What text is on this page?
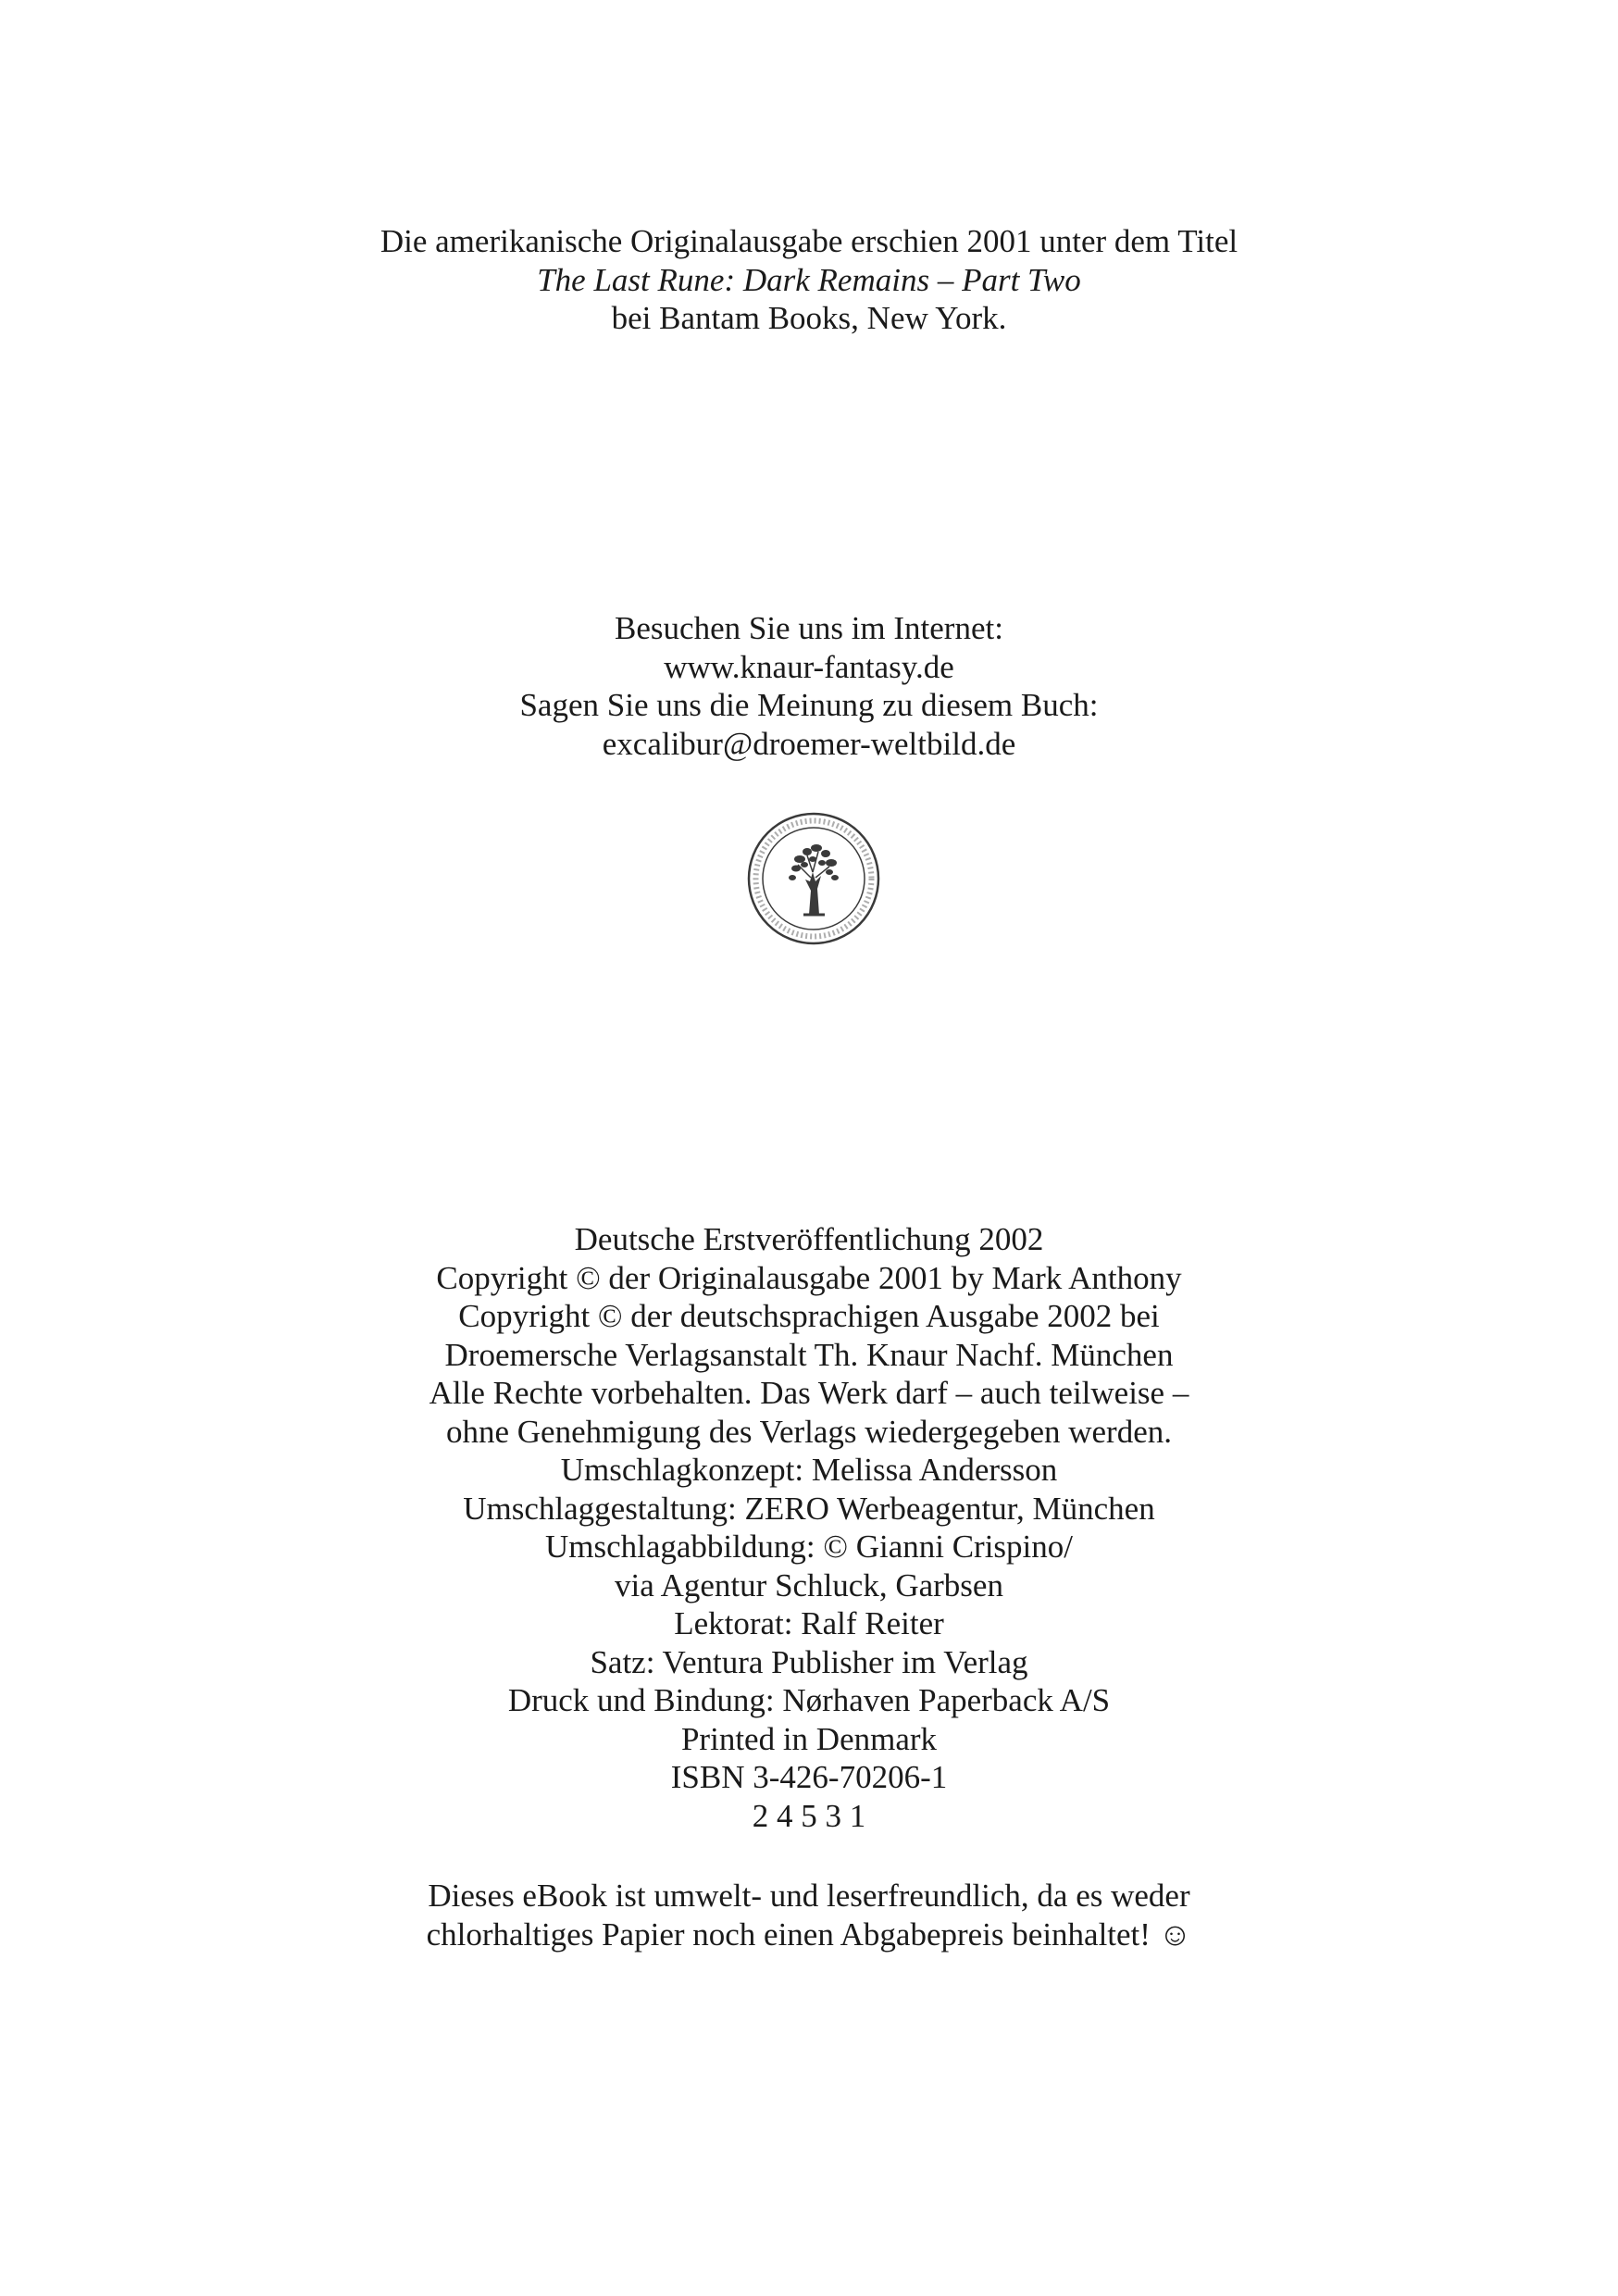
Die amerikanische Originalausgabe erschien 2001 unter dem Titel
The Last Rune: Dark Remains – Part Two
bei Bantam Books, New York.
Besuchen Sie uns im Internet:
www.knaur-fantasy.de
Sagen Sie uns die Meinung zu diesem Buch:
excalibur@droemer-weltbild.de
Deutsche Erstveröffentlichung 2002
Copyright © der Originalausgabe 2001 by Mark Anthony
Copyright © der deutschsprachigen Ausgabe 2002 bei
Droemersche Verlagsanstalt Th. Knaur Nachf. München
Alle Rechte vorbehalten. Das Werk darf – auch teilweise –
ohne Genehmigung des Verlags wiedergegeben werden.
Umschlagkonzept: Melissa Andersson
Umschlaggestaltung: ZERO Werbeagentur, München
Umschlagabbildung: © Gianni Crispino/
via Agentur Schluck, Garbsen
Lektorat: Ralf Reiter
Satz: Ventura Publisher im Verlag
Druck und Bindung: Nørhaven Paperback A/S
Printed in Denmark
ISBN 3-426-70206-1
2 4 5 3 1
Dieses eBook ist umwelt- und leserfreundlich, da es weder
chlorhaltiges Papier noch einen Abgabepreis beinhaltet! ☺
